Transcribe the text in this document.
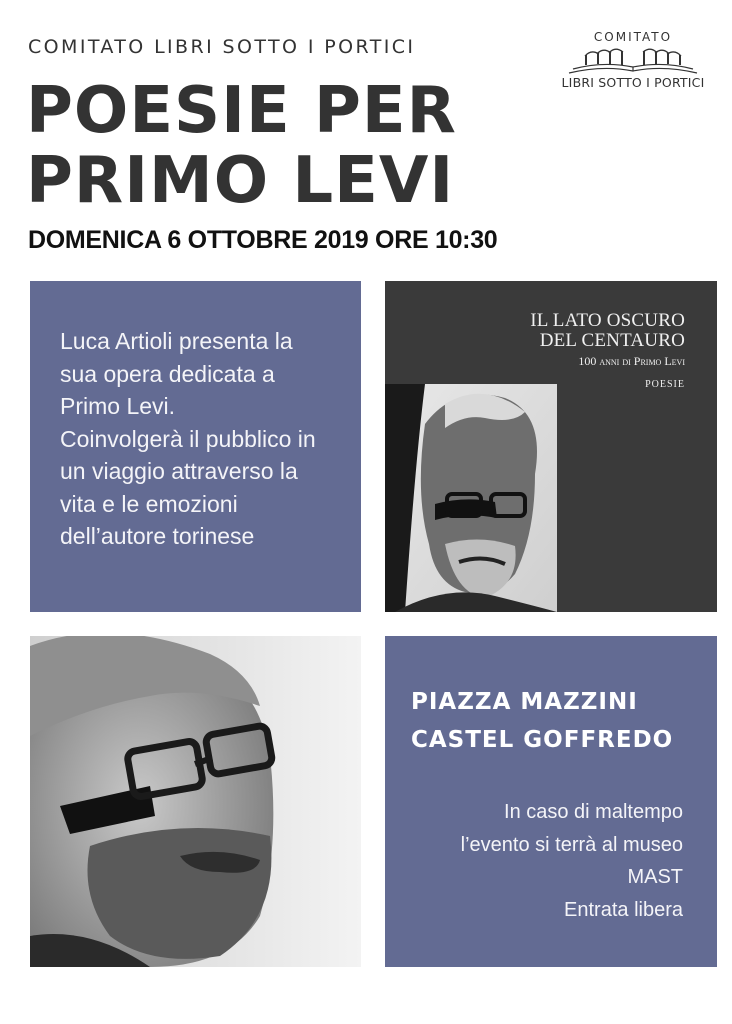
COMITATO LIBRI SOTTO I PORTICI
POESIE PER
PRIMO LEVI
DOMENICA 6 OTTOBRE 2019 ORE 10:30
COMITATO
LIBRI SOTTO I PORTICI
Luca Artioli presenta la
sua opera dedicata a
Primo Levi.
Coinvolgerà il pubblico in
un viaggio attraverso la
vita e le emozioni
dell’autore torinese
IL LATO OSCURO
DEL CENTAURO
100 anni di Primo Levi
POESIE
PIAZZA MAZZINI
CASTEL GOFFREDO
In caso di maltempo
l’evento si terrà al museo
MAST
Entrata libera
